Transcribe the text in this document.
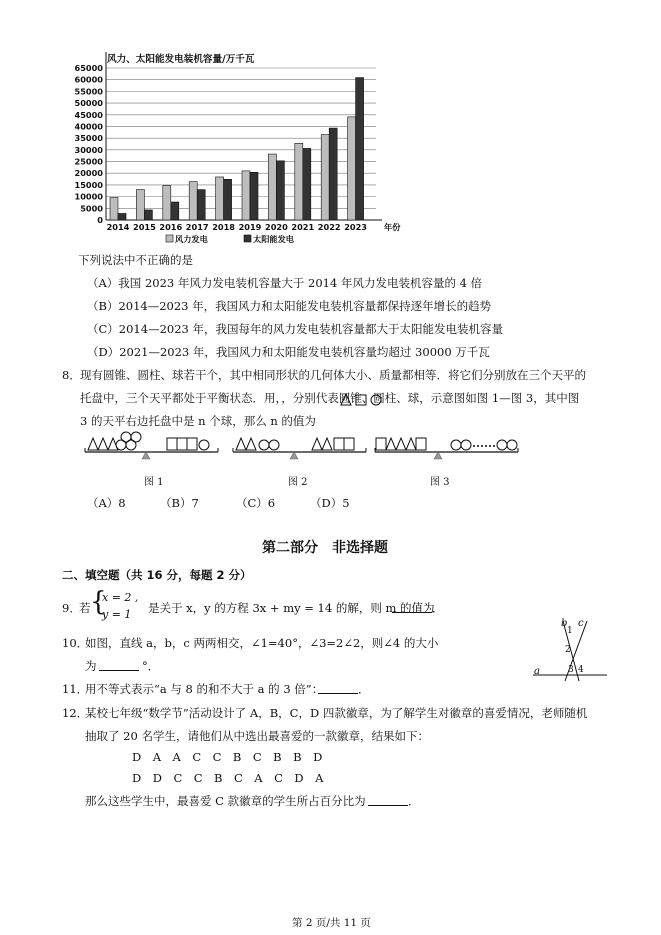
0
5000
10000
15000
20000
25000
30000
35000
40000
45000
50000
55000
60000
65000
风力、太阳能发电装机容量/万千瓦
2014 2015 2016 2017 2018 2019 2020 2021 2022 2023 年份
风力发电	太阳能发电
下列说法中不正确的是
（A）我国 2023 年风力发电装机容量大于 2014 年风力发电装机容量的 4 倍
（B）2014—2023 年，我国风力和太阳能发电装机容量都保持逐年增长的趋势
（C）2014—2023 年，我国每年的风力发电装机容量都大于太阳能发电装机容量
（D）2021—2023 年，我国风力和太阳能发电装机容量均超过 30000 万千瓦
8． 现有圆锥、圆柱、球若干个，其中相同形状的几何体大小、质量都相等．将它们分别放在三个天平的
托盘中，三个天平都处于平衡状态．用，，分别代表圆锥、圆柱、球，示意图如图 1—图 3，其中图
3 的天平右边托盘中是 n 个球，那么 n 的值为
图 1	图 2	图 3
（A）8	（B）7	（C）6	（D）5
第二部分　非选择题
二、填空题（共 16 分，每题 2 分）
9．
若 {
x = 2 ,
y = 1 是关于 x，y 的方程 3x + my = 14 的解，则 m 的值为
．
10．
如图，直线 a，b，c 两两相交，∠1=40°，∠3=2∠2，则∠4 的大小
为	°．
b c
1
2
3 4
a
11．
用不等式表示“a 与 8 的和不大于 a 的 3 倍”：	．
12．
某校七年级“数学节”活动设计了 A，B，C，D 四款徽章，为了解学生对徽章的喜爱情况，老师随机
抽取了 20 名学生，请他们从中选出最喜爱的一款徽章，结果如下：
D　A　A　C　C　B　C　B　B　D
D　D　C　C　B　C　A　C　D　A
那么这些学生中，最喜爱 C 款徽章的学生所占百分比为	．
第 2 页/共 11 页
